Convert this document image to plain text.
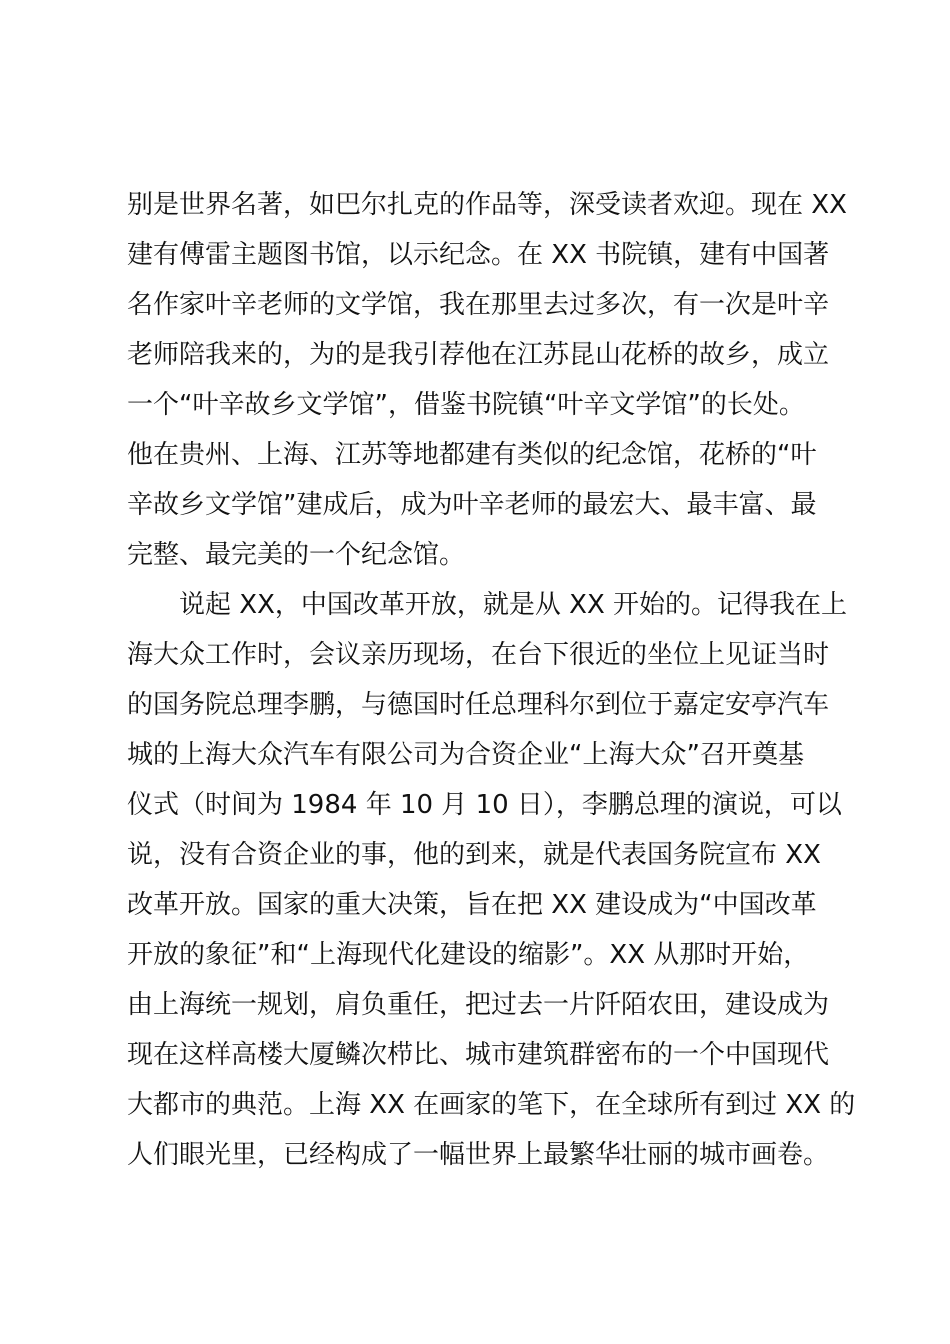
别是世界名著，如巴尔扎克的作品等，深受读者欢迎。现在 XX
建有傅雷主题图书馆，以示纪念。在 XX 书院镇，建有中国著
名作家叶辛老师的文学馆，我在那里去过多次，有一次是叶辛
老师陪我来的，为的是我引荐他在江苏昆山花桥的故乡，成立
一个“叶辛故乡文学馆”，借鉴书院镇“叶辛文学馆”的长处。
他在贵州、上海、江苏等地都建有类似的纪念馆，花桥的“叶
辛故乡文学馆”建成后，成为叶辛老师的最宏大、最丰富、最
完整、最完美的一个纪念馆。
　　说起 XX，中国改革开放，就是从 XX 开始的。记得我在上
海大众工作时，会议亲历现场，在台下很近的坐位上见证当时
的国务院总理李鹏，与德国时任总理科尔到位于嘉定安亭汽车
城的上海大众汽车有限公司为合资企业“上海大众”召开奠基
仪式（时间为 1984 年 10 月 10 日），李鹏总理的演说，可以
说，没有合资企业的事，他的到来，就是代表国务院宣布 XX
改革开放。国家的重大决策，旨在把 XX 建设成为“中国改革
开放的象征”和“上海现代化建设的缩影”。XX 从那时开始，
由上海统一规划，肩负重任，把过去一片阡陌农田，建设成为
现在这样高楼大厦鳞次栉比、城市建筑群密布的一个中国现代
大都市的典范。上海 XX 在画家的笔下，在全球所有到过 XX 的
人们眼光里，已经构成了一幅世界上最繁华壮丽的城市画卷。
